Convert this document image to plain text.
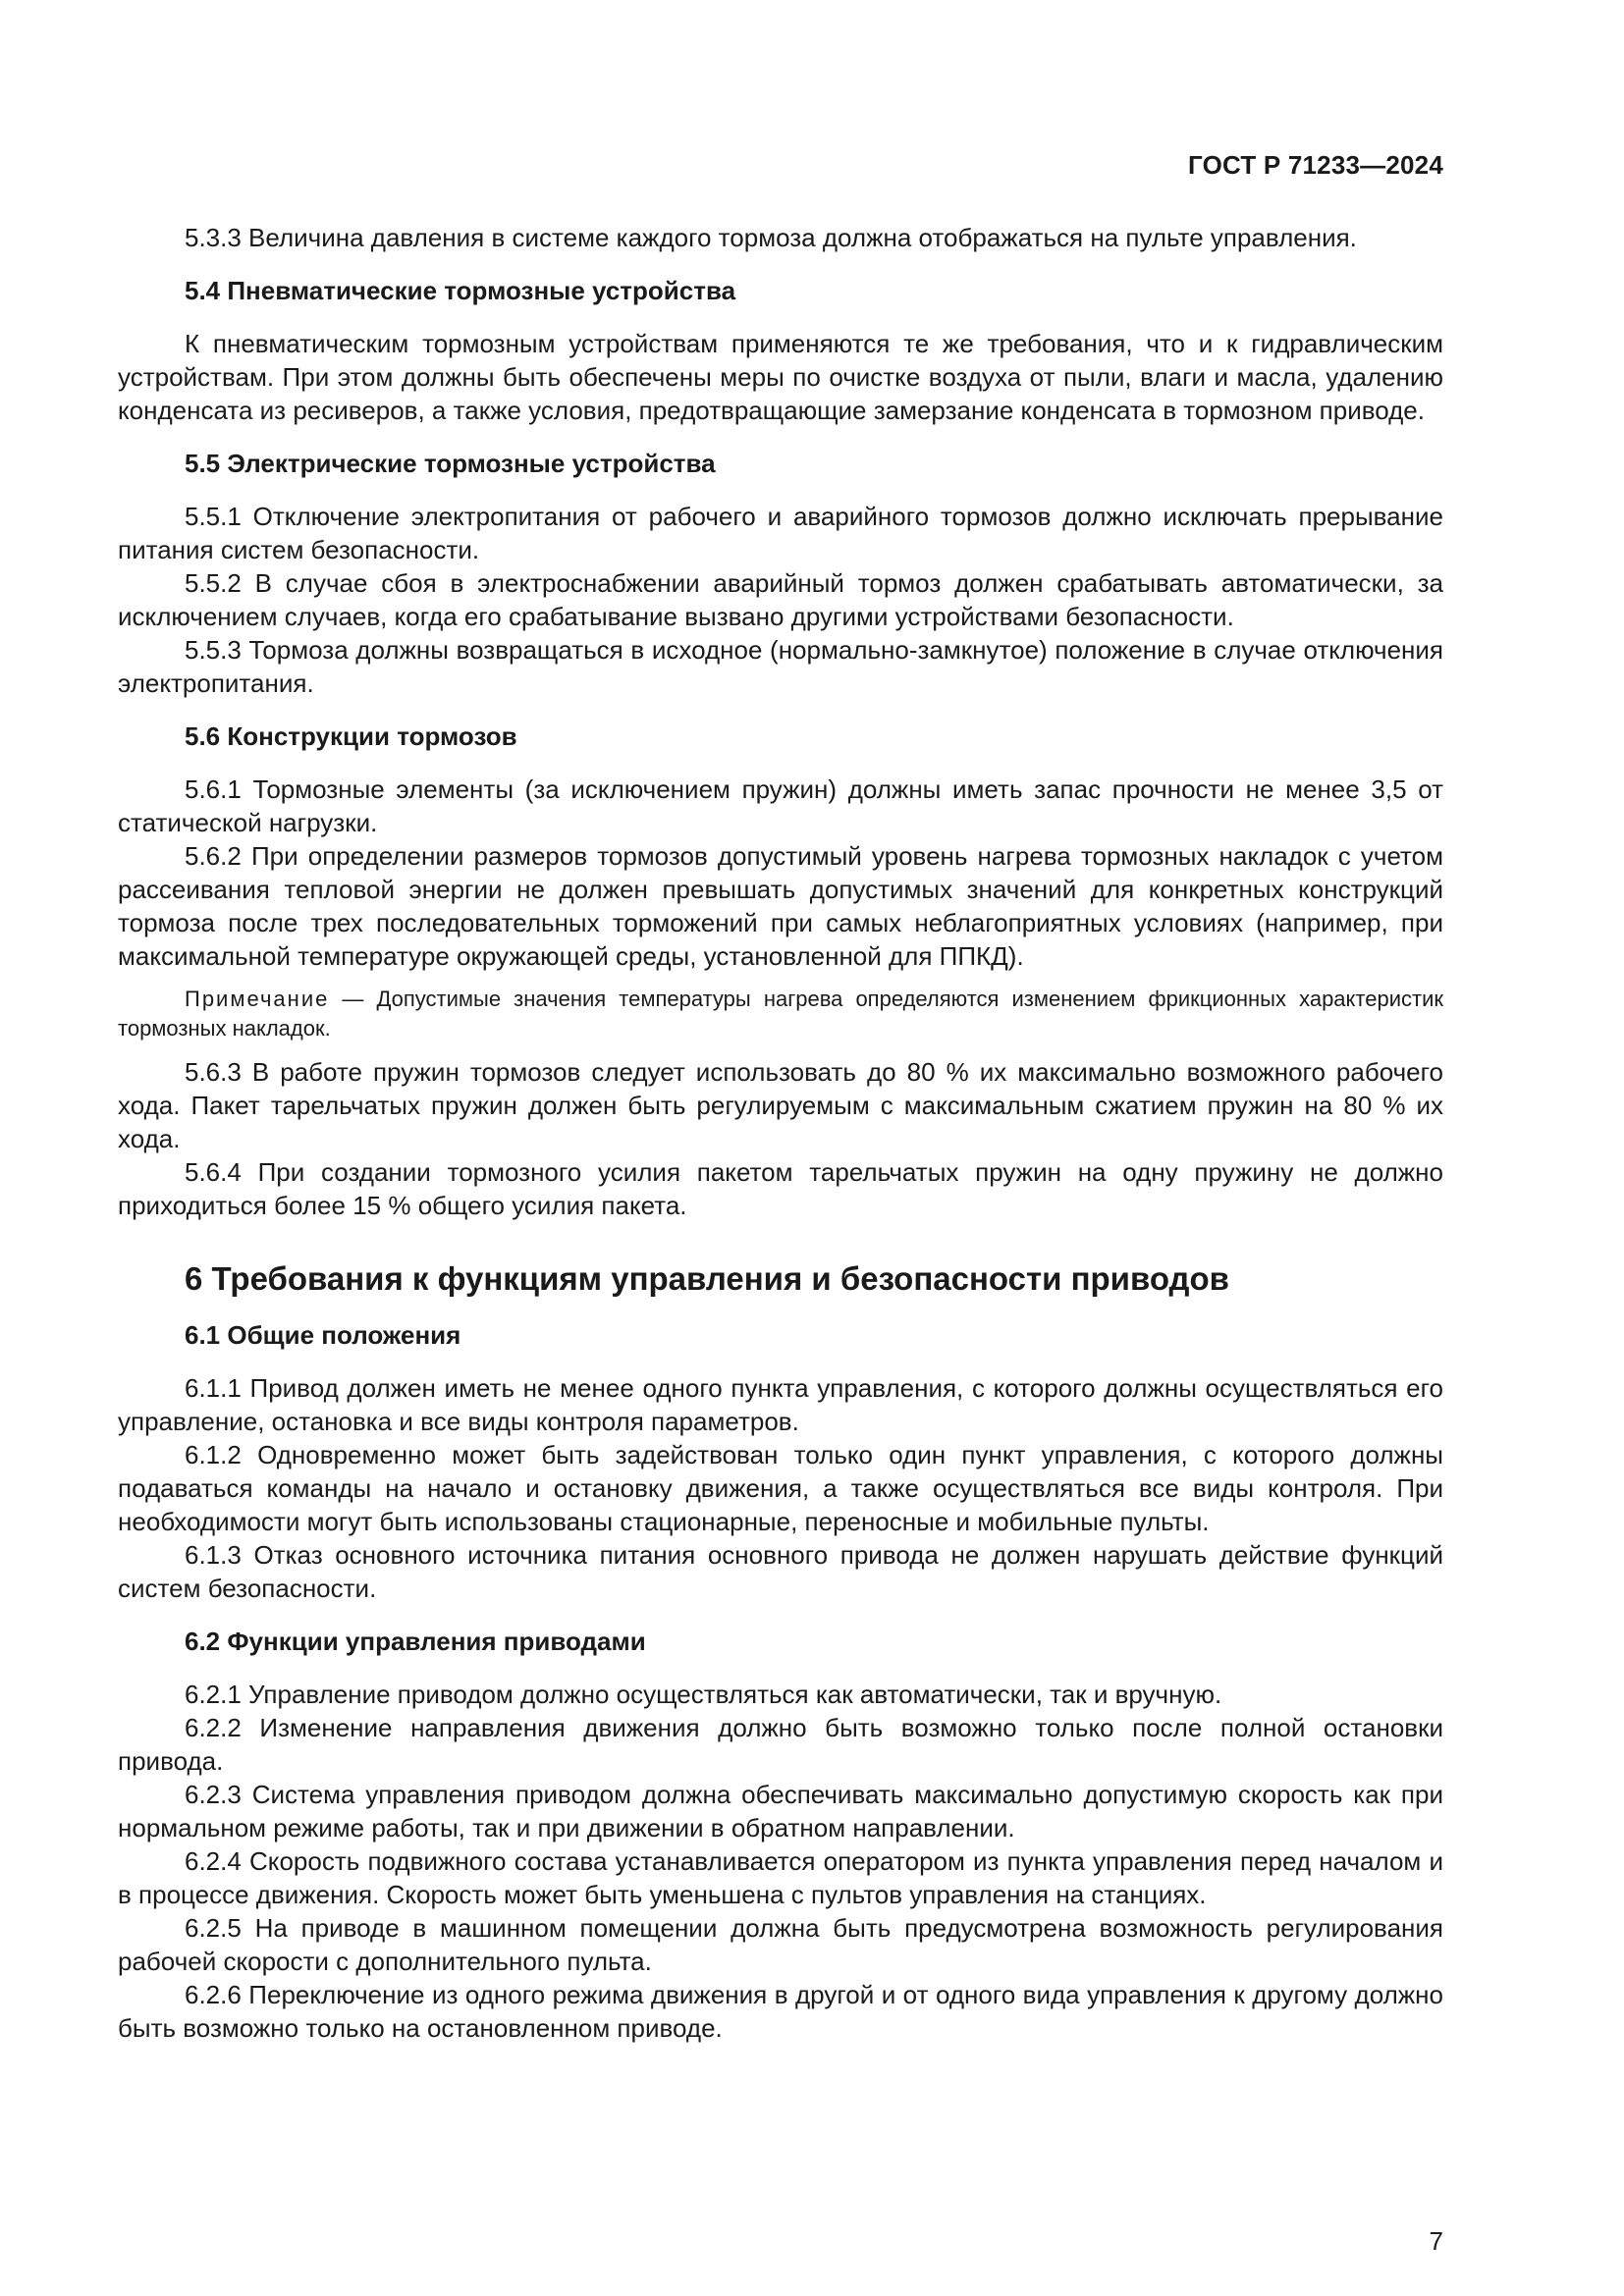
ГОСТ Р 71233—2024

5.3.3 Величина давления в системе каждого тормоза должна отображаться на пульте управления.

5.4 Пневматические тормозные устройства

К пневматическим тормозным устройствам применяются те же требования, что и к гидравлическим устройствам. При этом должны быть обеспечены меры по очистке воздуха от пыли, влаги и масла, удалению конденсата из ресиверов, а также условия, предотвращающие замерзание конденсата в тормозном приводе.

5.5 Электрические тормозные устройства

5.5.1 Отключение электропитания от рабочего и аварийного тормозов должно исключать прерывание питания систем безопасности.

5.5.2 В случае сбоя в электроснабжении аварийный тормоз должен срабатывать автоматически, за исключением случаев, когда его срабатывание вызвано другими устройствами безопасности.

5.5.3 Тормоза должны возвращаться в исходное (нормально-замкнутое) положение в случае отключения электропитания.

5.6 Конструкции тормозов

5.6.1 Тормозные элементы (за исключением пружин) должны иметь запас прочности не менее 3,5 от статической нагрузки.

5.6.2 При определении размеров тормозов допустимый уровень нагрева тормозных накладок с учетом рассеивания тепловой энергии не должен превышать допустимых значений для конкретных конструкций тормоза после трех последовательных торможений при самых неблагоприятных условиях (например, при максимальной температуре окружающей среды, установленной для ППКД).

Примечание — Допустимые значения температуры нагрева определяются изменением фрикционных характеристик тормозных накладок.

5.6.3 В работе пружин тормозов следует использовать до 80 % их максимально возможного рабочего хода. Пакет тарельчатых пружин должен быть регулируемым с максимальным сжатием пружин на 80 % их хода.

5.6.4 При создании тормозного усилия пакетом тарельчатых пружин на одну пружину не должно приходиться более 15 % общего усилия пакета.

6 Требования к функциям управления и безопасности приводов
6.1 Общие положения

6.1.1 Привод должен иметь не менее одного пункта управления, с которого должны осуществляться его управление, остановка и все виды контроля параметров.

6.1.2 Одновременно может быть задействован только один пункт управления, с которого должны подаваться команды на начало и остановку движения, а также осуществляться все виды контроля. При необходимости могут быть использованы стационарные, переносные и мобильные пульты.

6.1.3 Отказ основного источника питания основного привода не должен нарушать действие функций систем безопасности.

6.2 Функции управления приводами

6.2.1 Управление приводом должно осуществляться как автоматически, так и вручную.

6.2.2 Изменение направления движения должно быть возможно только после полной остановки привода.

6.2.3 Система управления приводом должна обеспечивать максимально допустимую скорость как при нормальном режиме работы, так и при движении в обратном направлении.

6.2.4 Скорость подвижного состава устанавливается оператором из пункта управления перед началом и в процессе движения. Скорость может быть уменьшена с пультов управления на станциях.

6.2.5 На приводе в машинном помещении должна быть предусмотрена возможность регулирования рабочей скорости с дополнительного пульта.

6.2.6 Переключение из одного режима движения в другой и от одного вида управления к другому должно быть возможно только на остановленном приводе.

7
